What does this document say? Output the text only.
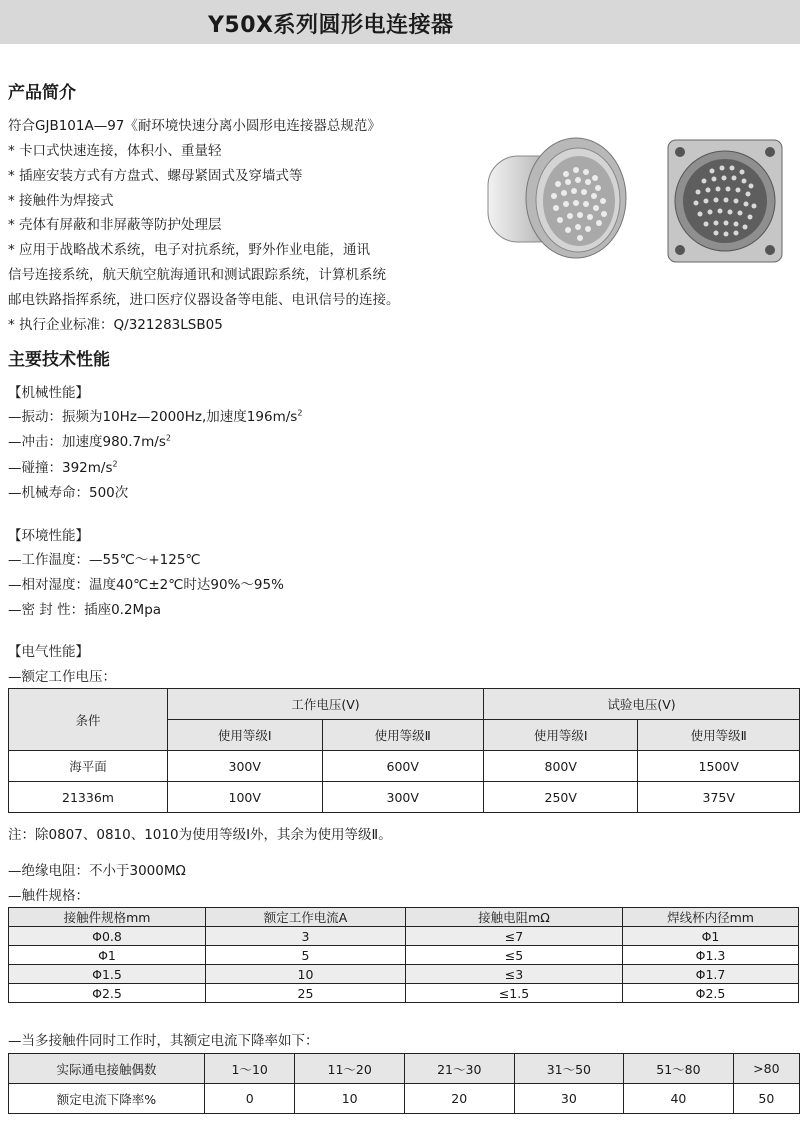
Y50X系列圆形电连接器
产品简介
符合GJB101A—97《耐环境快速分离小圆形电连接器总规范》
* 卡口式快速连接，体积小、重量轻
* 插座安装方式有方盘式、螺母紧固式及穿墙式等
* 接触件为焊接式
* 壳体有屏蔽和非屏蔽等防护处理层
* 应用于战略战术系统，电子对抗系统，野外作业电能，通讯
信号连接系统，航天航空航海通讯和测试跟踪系统，计算机系统
邮电铁路指挥系统，进口医疗仪器设备等电能、电讯信号的连接。
* 执行企业标准：Q/321283LSB05
主要技术性能
【机械性能】
—振动：振频为10Hz—2000Hz,加速度$196m/s^2$
—冲击：加速度$980.7m/s^2$
—碰撞：$392m/s^2$
—机械寿命：500次
【环境性能】
—工作温度：—55℃～+125℃
—相对湿度：温度40℃±2℃时达90%～95%
—密 封 性：插座0.2Mpa
【电气性能】
—额定工作电压：
条件	工作电压(V)		试验电压(V)	
	使用等级Ⅰ	使用等级Ⅱ	使用等级Ⅰ	使用等级Ⅱ
海平面	300V	600V	800V	1500V
21336m	100V	300V	250V	375V
注：除0807、0810、1010为使用等级Ⅰ外，其余为使用等级Ⅱ。
—绝缘电阻：不小于3000MΩ
—触件规格：
接触件规格mm	额定工作电流A	接触电阻mΩ	焊线杯内径mm
Φ0.8	3	≤7	Φ1
Φ1	5	≤5	Φ1.3
Φ1.5	10	≤3	Φ1.7
Φ2.5	25	≤1.5	Φ2.5
—当多接触件同时工作时，其额定电流下降率如下：
实际通电接触偶数	1～10	11～20	21～30	31～50	51～80	>80
额定电流下降率%	0	10	20	30	40	50
